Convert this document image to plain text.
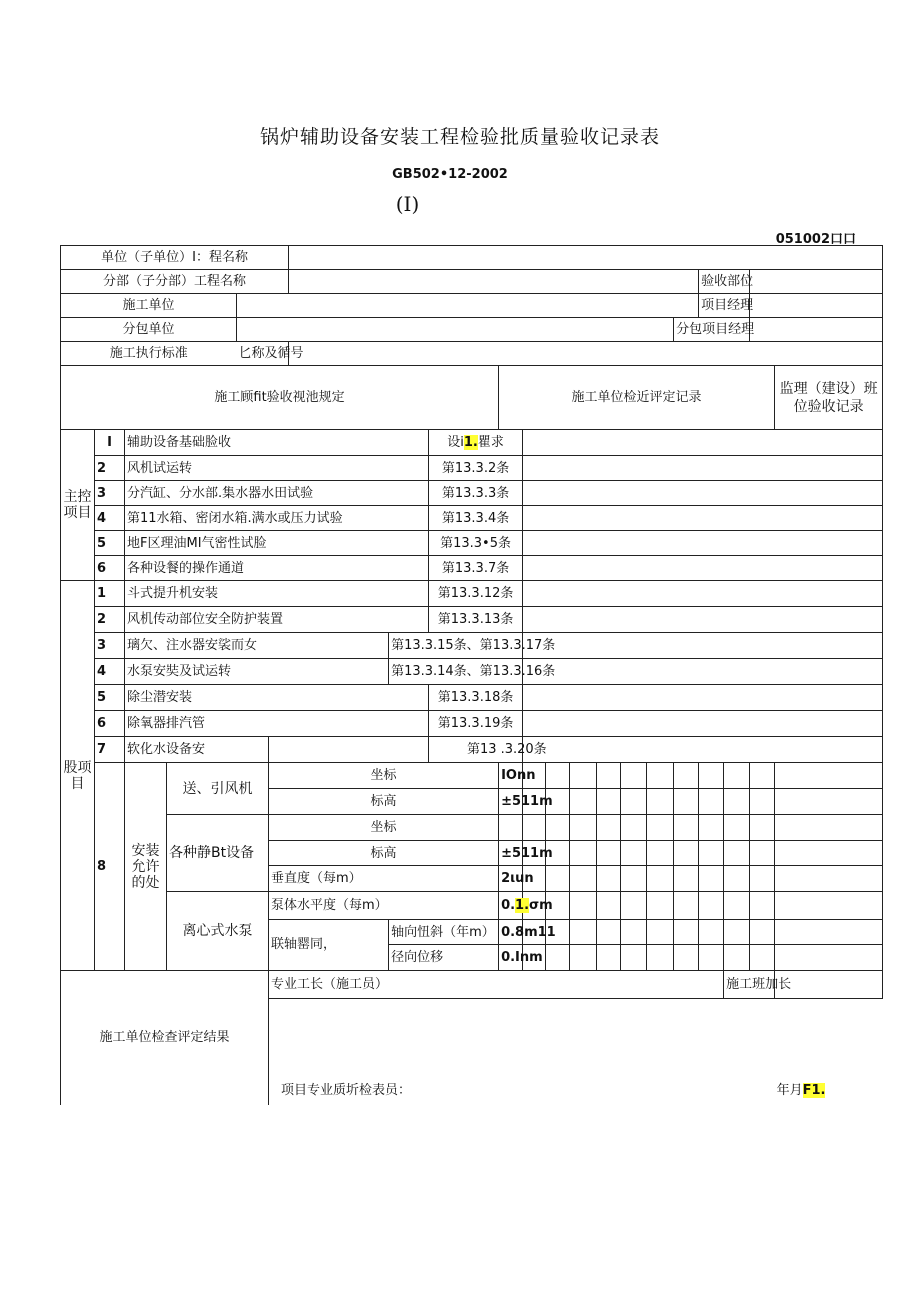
锅炉辅助设备安装工程检验批质量验收记录表
GB502•12-2002
(I)
051002口口
单位（子单位）I：程名称																					
分部（子分部）工程名称																	验收部位				
施工单位																	项目经理				
分包单位																分包项目经理					
施工执行标准				匕称及循号																	
施工顾fit验收视池规定									施工单位检近评定记录											监理（建设）班位验收记录	
主控项目	I	辅助设备基础脸收						设i1.瞿求													
	2	风机试运转						第13.3.2条													
	3	分汽缸、分水部.集水器水田试验						第13.3.3条													
	4	第11水箱、密闭水箱.满水或压力试验						第13.3.4条													
	5	地F区理油MI气密性试脸						第13.3•5条													
	6	各种设餐的操作通道						第13.3.7条													
股项目	1	斗式提升机安装						第13.3.12条													
	2	风机传动部位安全防护装置						第13.3.13条													
	3	璃欠、注水器安裟而女					第13.3.15条、第13.3.17条														
	4	水泵安奘及试运转					第13.3.14条、第13.3.16条														
	5	除尘潜安装						第13.3.18条													
	6	除氧器排汽管						第13.3.19条													
	7	软化水设备安						第13	.3.20条												
	8	安装允许的处	送、引风机		坐标				IOnn												
					标高				±511m												
			各种静Bt设备		坐标																
					标高				±511m												
					垂直度（每m）				2ιun												
			离心式水泵		泵体水平度（每m）				0.1.σm												
					联轴罂同，		轴向忸斜（年m）		0.8m11												
							径向位移		0.Inm												
施工单位检查评定结果					专业工长（施工员）													施工班加长			

					项目专业质圻检表员：															年月F1.	
